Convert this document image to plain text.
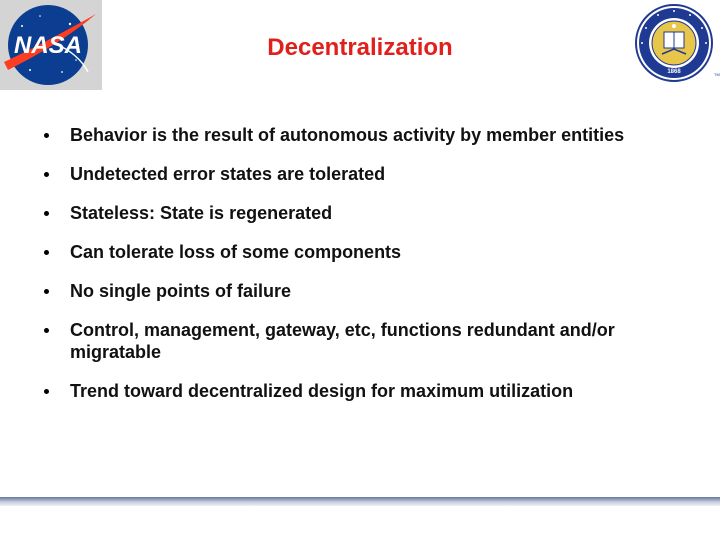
NASA	Decentralization
1868	TM
Behavior is the result of autonomous activity by member entities
Undetected error states are tolerated
Stateless: State is regenerated
Can tolerate loss of some components
No single points of failure
Control, management, gateway, etc, functions redundant and/or migratable
Trend toward decentralized design for maximum utilization
